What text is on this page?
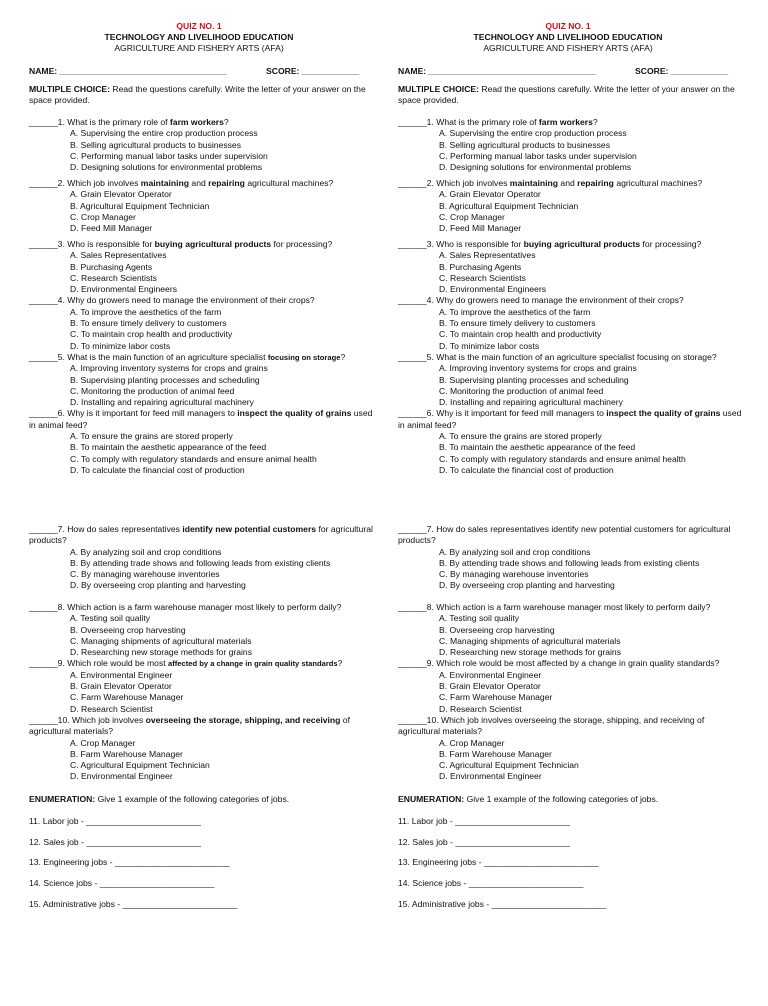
QUIZ NO. 1
TECHNOLOGY AND LIVELIHOOD EDUCATION
AGRICULTURE AND FISHERY ARTS (AFA)
NAME: ___________________________________	SCORE: ____________
MULTIPLE CHOICE: Read the questions carefully. Write the letter of your answer on the space provided.
______1. What is the primary role of farm workers?
A. Supervising the entire crop production process
B. Selling agricultural products to businesses
C. Performing manual labor tasks under supervision
D. Designing solutions for environmental problems
______2. Which job involves maintaining and repairing agricultural machines?
A. Grain Elevator Operator
B. Agricultural Equipment Technician
C. Crop Manager
D. Feed Mill Manager
______3. Who is responsible for buying agricultural products for processing?
A. Sales Representatives
B. Purchasing Agents
C. Research Scientists
D. Environmental Engineers
______4. Why do growers need to manage the environment of their crops?
A. To improve the aesthetics of the farm
B. To ensure timely delivery to customers
C. To maintain crop health and productivity
D. To minimize labor costs
______5. What is the main function of an agriculture specialist focusing on storage?
A. Improving inventory systems for crops and grains
B. Supervising planting processes and scheduling
C. Monitoring the production of animal feed
D. Installing and repairing agricultural machinery
______6. Why is it important for feed mill managers to inspect the quality of grains used in animal feed?
A. To ensure the grains are stored properly
B. To maintain the aesthetic appearance of the feed
C. To comply with regulatory standards and ensure animal health
D. To calculate the financial cost of production
______7. How do sales representatives identify new potential customers for agricultural products?
A. By analyzing soil and crop conditions
B. By attending trade shows and following leads from existing clients
C. By managing warehouse inventories
D. By overseeing crop planting and harvesting
______8. Which action is a farm warehouse manager most likely to perform daily?
A. Testing soil quality
B. Overseeing crop harvesting
C. Managing shipments of agricultural materials
D. Researching new storage methods for grains
______9. Which role would be most affected by a change in grain quality standards?
A. Environmental Engineer
B. Grain Elevator Operator
C. Farm Warehouse Manager
D. Research Scientist
______10. Which job involves overseeing the storage, shipping, and receiving of agricultural materials?
A. Crop Manager
B. Farm Warehouse Manager
C. Agricultural Equipment Technician
D. Environmental Engineer
ENUMERATION: Give 1 example of the following categories of jobs.
11. Labor job - ________________________
12. Sales job - ________________________
13. Engineering jobs - ________________________
14. Science jobs - ________________________
15. Administrative jobs - ________________________
QUIZ NO. 1
TECHNOLOGY AND LIVELIHOOD EDUCATION
AGRICULTURE AND FISHERY ARTS (AFA)
NAME: ___________________________________	SCORE: ____________
MULTIPLE CHOICE: Read the questions carefully. Write the letter of your answer on the space provided.
______1. What is the primary role of farm workers?
A. Supervising the entire crop production process
B. Selling agricultural products to businesses
C. Performing manual labor tasks under supervision
D. Designing solutions for environmental problems
______2. Which job involves maintaining and repairing agricultural machines?
A. Grain Elevator Operator
B. Agricultural Equipment Technician
C. Crop Manager
D. Feed Mill Manager
______3. Who is responsible for buying agricultural products for processing?
A. Sales Representatives
B. Purchasing Agents
C. Research Scientists
D. Environmental Engineers
______4. Why do growers need to manage the environment of their crops?
A. To improve the aesthetics of the farm
B. To ensure timely delivery to customers
C. To maintain crop health and productivity
D. To minimize labor costs
______5. What is the main function of an agriculture specialist focusing on storage?
A. Improving inventory systems for crops and grains
B. Supervising planting processes and scheduling
C. Monitoring the production of animal feed
D. Installing and repairing agricultural machinery
______6. Why is it important for feed mill managers to inspect the quality of grains used in animal feed?
A. To ensure the grains are stored properly
B. To maintain the aesthetic appearance of the feed
C. To comply with regulatory standards and ensure animal health
D. To calculate the financial cost of production
______7. How do sales representatives identify new potential customers for agricultural products?
A. By analyzing soil and crop conditions
B. By attending trade shows and following leads from existing clients
C. By managing warehouse inventories
D. By overseeing crop planting and harvesting
______8. Which action is a farm warehouse manager most likely to perform daily?
A. Testing soil quality
B. Overseeing crop harvesting
C. Managing shipments of agricultural materials
D. Researching new storage methods for grains
______9. Which role would be most affected by a change in grain quality standards?
A. Environmental Engineer
B. Grain Elevator Operator
C. Farm Warehouse Manager
D. Research Scientist
______10. Which job involves overseeing the storage, shipping, and receiving of agricultural materials?
A. Crop Manager
B. Farm Warehouse Manager
C. Agricultural Equipment Technician
D. Environmental Engineer
ENUMERATION: Give 1 example of the following categories of jobs.
11. Labor job - ________________________
12. Sales job - ________________________
13. Engineering jobs - ________________________
14. Science jobs - ________________________
15. Administrative jobs - ________________________
